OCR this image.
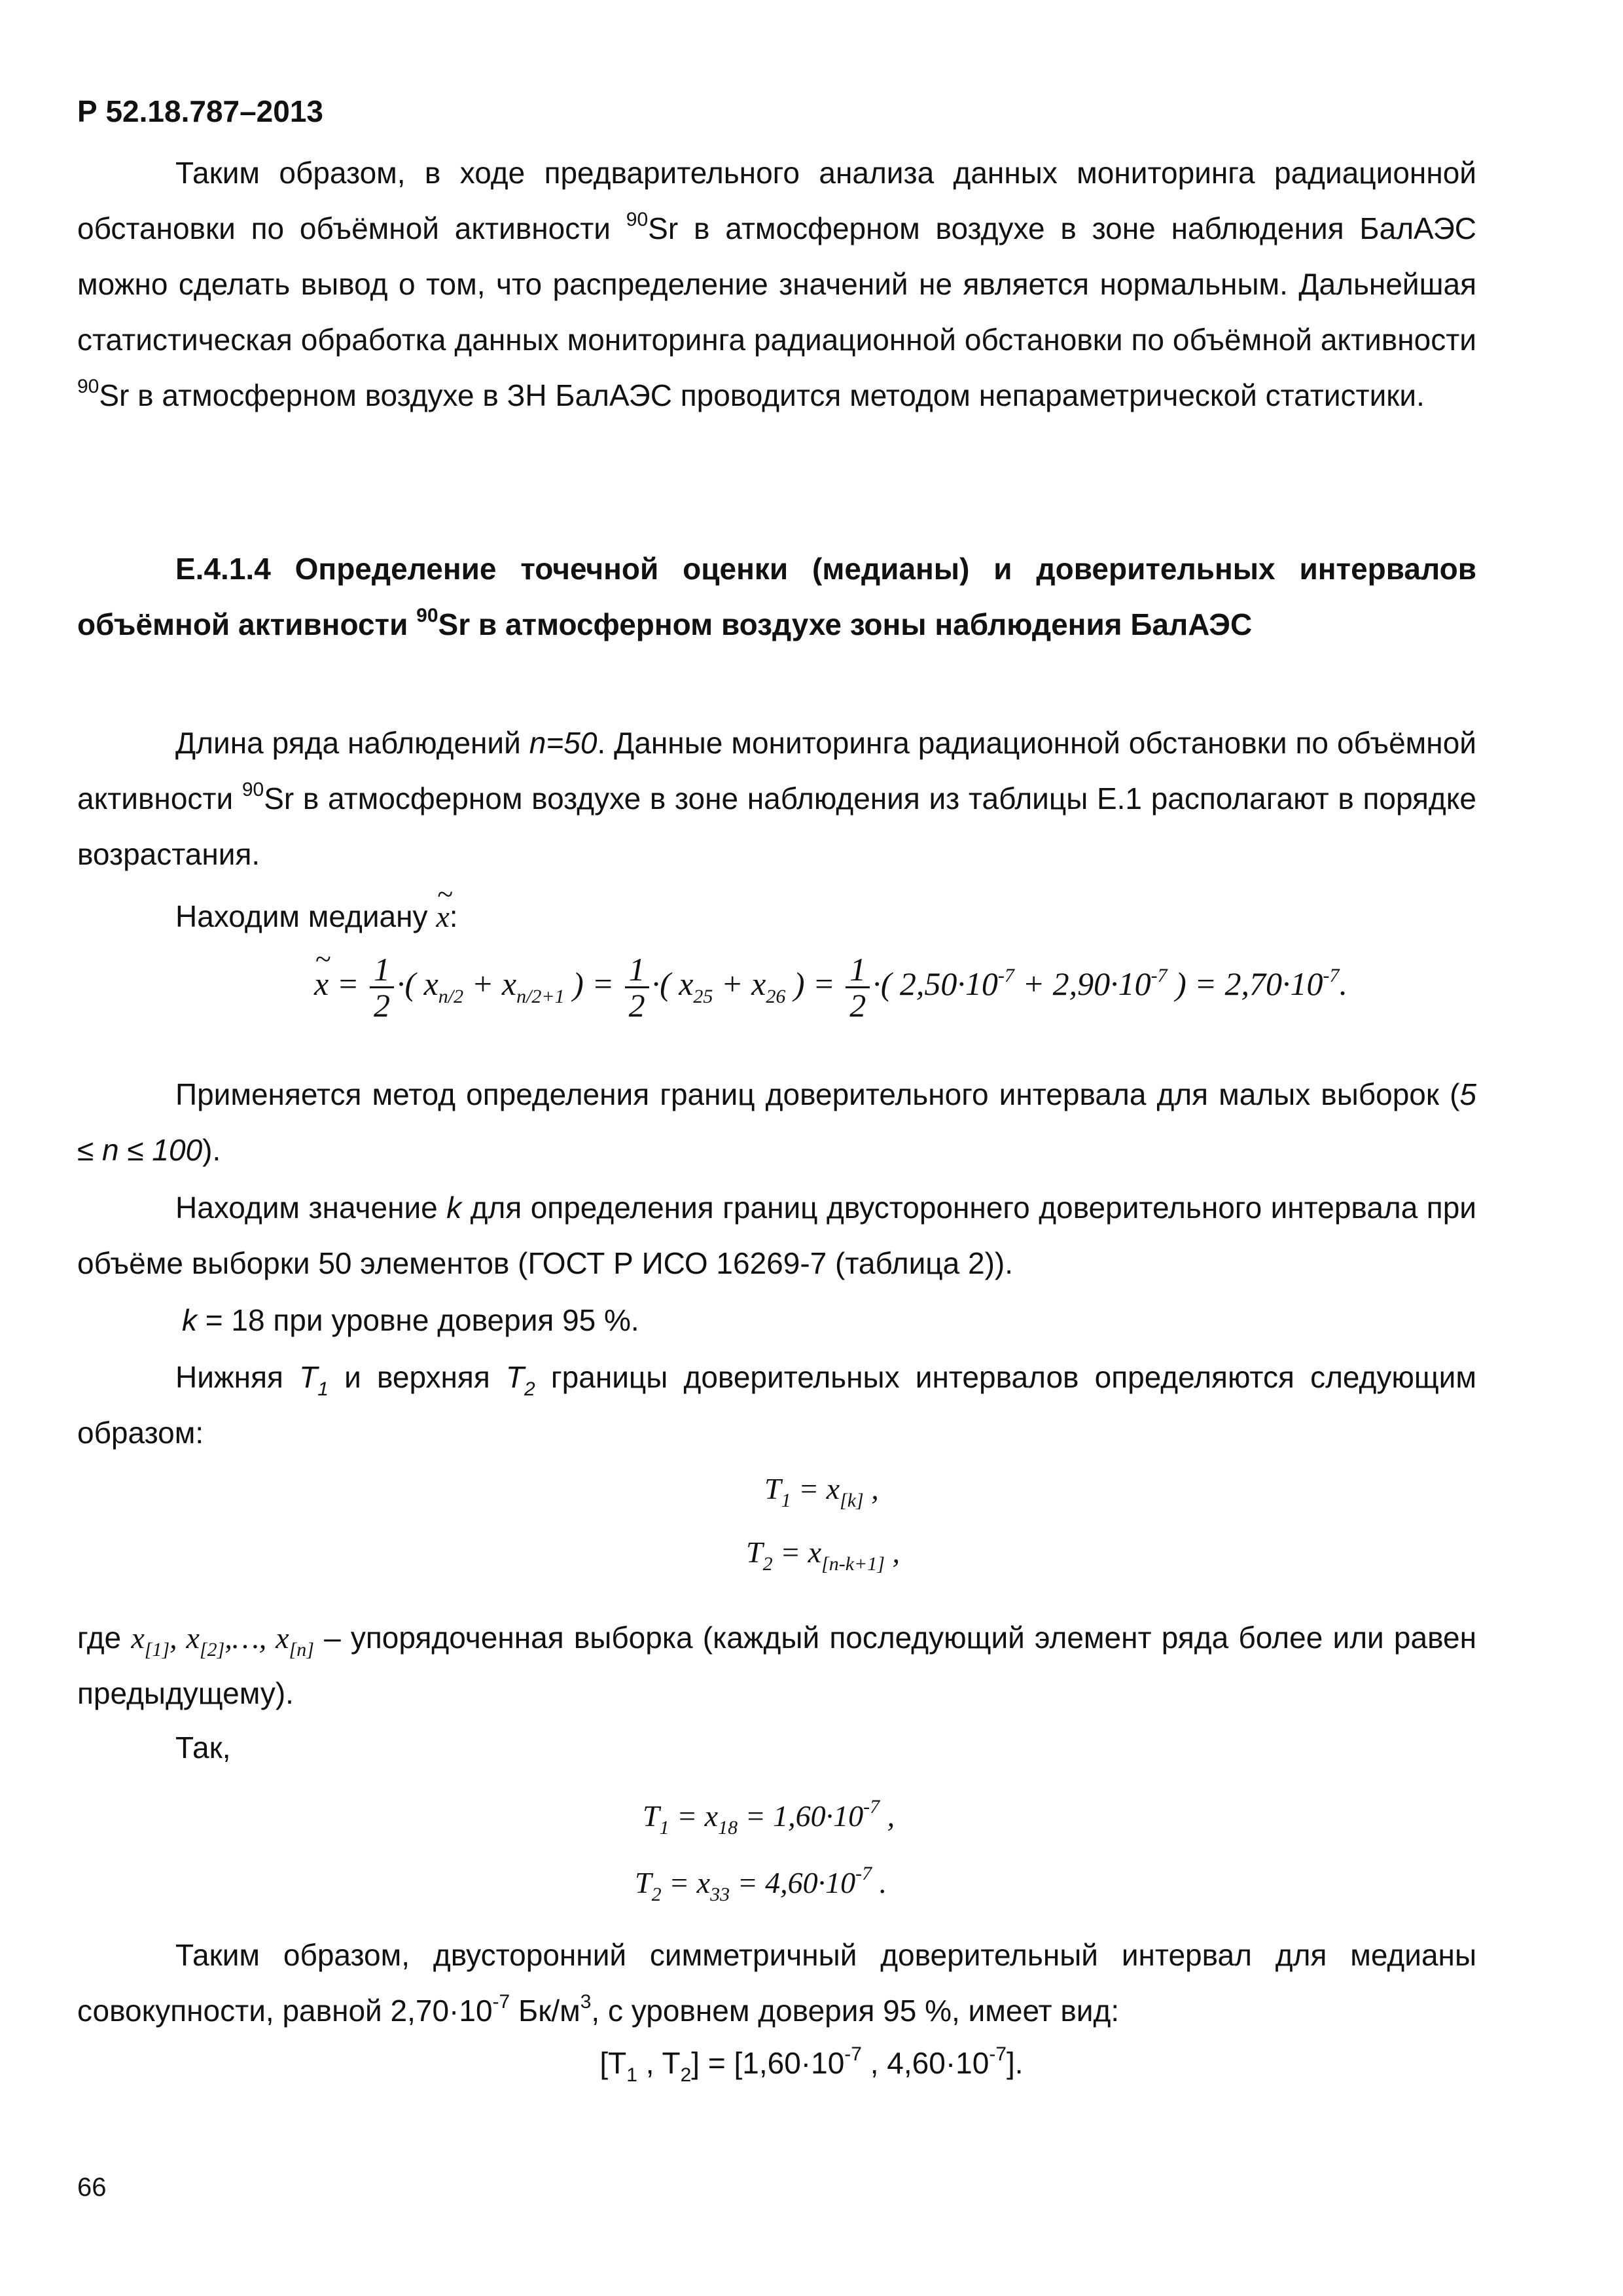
Р 52.18.787–2013
Таким образом, в ходе предварительного анализа данных мониторинга радиационной обстановки по объёмной активности $^{90}$Sr в атмосферном воздухе в зоне наблюдения БалАЭС можно сделать вывод о том, что распределение значений не является нормальным. Дальнейшая статистическая обработка данных мониторинга радиационной обстановки по объёмной активности $^{90}$Sr в атмосферном воздухе в ЗН БалАЭС проводится методом непараметрической статистики.
Е.4.1.4 Определение точечной оценки (медианы) и доверительных интервалов объёмной активности $^{90}$Sr в атмосферном воздухе зоны наблюдения БалАЭС
Длина ряда наблюдений n=50. Данные мониторинга радиационной обстановки по объёмной активности $^{90}$Sr в атмосферном воздухе в зоне наблюдения из таблицы Е.1 располагают в порядке возрастания.
Находим медиану ~ x:
~ $x = \frac{1}{2}$ ·( $x_{n/2} + x_{n/2+1}$ ) = $\frac{1}{2}$ ·( $x_{25} + x_{26}$ ) = $\frac{1}{2}$ ·( $2,50\cdot 10^{-7} + 2,90\cdot 10^{-7}$ ) = $2,70\cdot 10^{-7}$.
Применяется метод определения границ доверительного интервала для малых выборок (5 ≤ n ≤ 100).
Находим значение k для определения границ двустороннего доверительного интервала при объёме выборки 50 элементов (ГОСТ Р ИСО 16269-7 (таблица 2)).
k = 18 при уровне доверия 95 %.
Нижняя $T_1$ и верхняя $T_2$ границы доверительных интервалов определяются следующим образом:
$T_1 = x_{[k]}$ ,
$T_2 = x_{[n-k+1]}$ ,
где $x_{[1]}$, $x_{[2]},\dots$, $x_{[n]}$ – упорядоченная выборка (каждый последующий элемент ряда более или равен предыдущему).
Так,
$T_1 = x_{18} = 1,60\cdot 10^{-7}$ ,
$T_2 = x_{33} = 4,60\cdot 10^{-7}$ .
Таким образом, двусторонний симметричный доверительный интервал для медианы совокупности, равной $2,70\cdot 10^{-7}$ $Бк/м^3$, с уровнем доверия 95 %, имеет вид:
[$T_1$ , $T_2] = [1,60\cdot 10^{-7}$ , $4,60\cdot 10^{-7}$].
66
